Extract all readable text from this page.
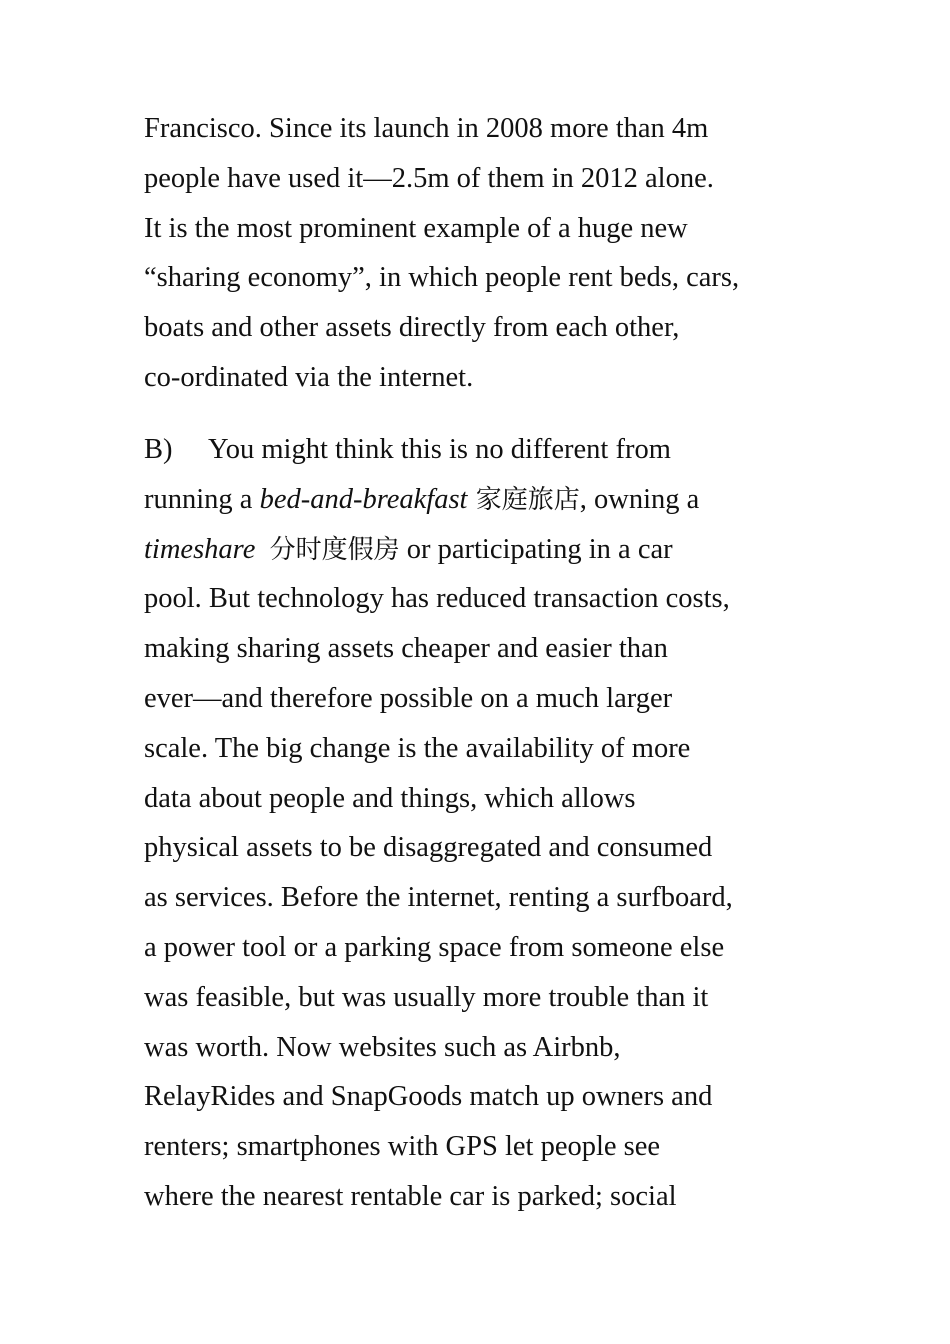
Francisco. Since its launch in 2008 more than 4m
people have used it—2.5m of them in 2012 alone.
It is the most prominent example of a huge new
“sharing economy”, in which people rent beds, cars,
boats and other assets directly from each other,
co-ordinated via the internet.
B) You might think this is no different from
running a bed-and-breakfast 家庭旅店, owning a
timeshare 分时度假房 or participating in a car
pool. But technology has reduced transaction costs,
making sharing assets cheaper and easier than
ever—and therefore possible on a much larger
scale. The big change is the availability of more
data about people and things, which allows
physical assets to be disaggregated and consumed
as services. Before the internet, renting a surfboard,
a power tool or a parking space from someone else
was feasible, but was usually more trouble than it
was worth. Now websites such as Airbnb,
RelayRides and SnapGoods match up owners and
renters; smartphones with GPS let people see
where the nearest rentable car is parked; social
